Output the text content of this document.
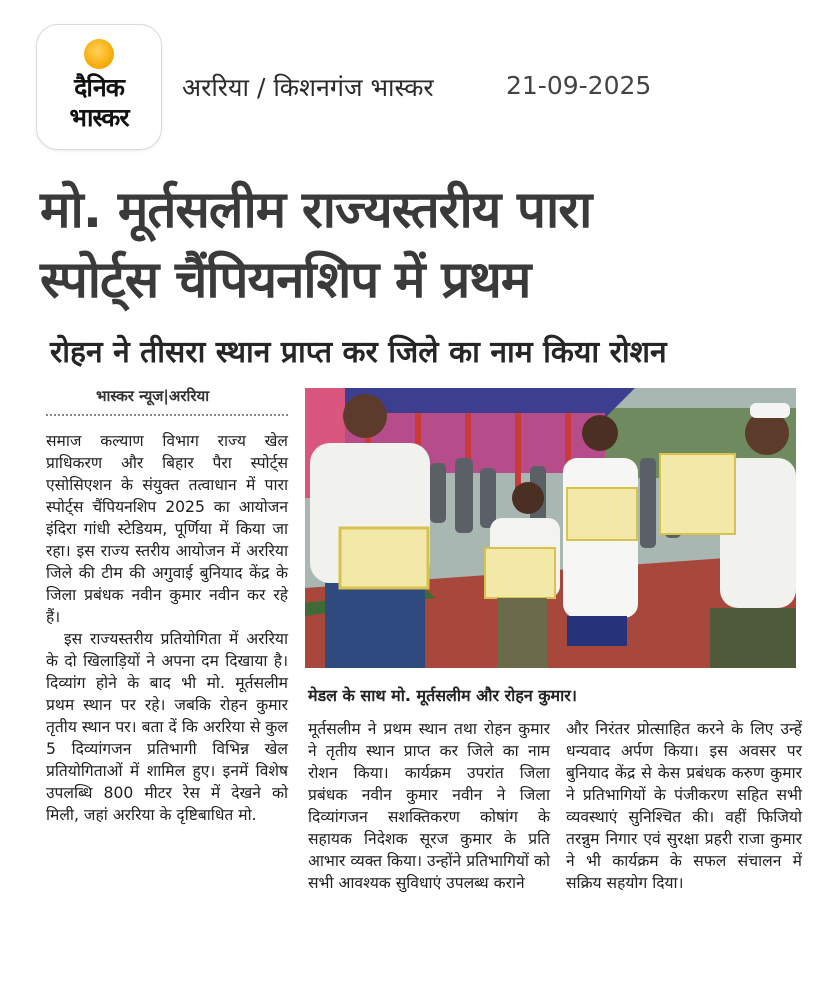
दैनिक
भास्कर
अररिया / किशनगंज भास्कर	21-09-2025
मो. मूर्तसलीम राज्यस्तरीय पारा
स्पोर्ट्स चैंपियनशिप में प्रथम
रोहन ने तीसरा स्थान प्राप्त कर जिले का नाम किया रोशन
भास्कर न्यूज|अररिया

समाज कल्याण विभाग राज्य खेल प्राधिकरण और बिहार पैरा स्पोर्ट्स एसोसिएशन के संयुक्त तत्वाधान में पारा स्पोर्ट्स चैंपियनशिप 2025 का आयोजन इंदिरा गांधी स्टेडियम, पूर्णिया में किया जा रहा। इस राज्य स्तरीय आयोजन में अररिया जिले की टीम की अगुवाई बुनियाद केंद्र के जिला प्रबंधक नवीन कुमार नवीन कर रहे हैं।

इस राज्यस्तरीय प्रतियोगिता में अररिया के दो खिलाड़ियों ने अपना दम दिखाया है। दिव्यांग होने के बाद भी मो. मूर्तसलीम प्रथम स्थान पर रहे। जबकि रोहन कुमार तृतीय स्थान पर। बता दें कि अररिया से कुल 5 दिव्यांगजन प्रतिभागी विभिन्न खेल प्रतियोगिताओं में शामिल हुए। इनमें विशेष उपलब्धि 800 मीटर रेस में देखने को मिली, जहां अररिया के दृष्टिबाधित मो.

मेडल के साथ मो. मूर्तसलीम और रोहन कुमार।

मूर्तसलीम ने प्रथम स्थान तथा रोहन कुमार ने तृतीय स्थान प्राप्त कर जिले का नाम रोशन किया। कार्यक्रम उपरांत जिला प्रबंधक नवीन कुमार नवीन ने जिला दिव्यांगजन सशक्तिकरण कोषांग के सहायक निदेशक सूरज कुमार के प्रति आभार व्यक्त किया। उन्होंने प्रतिभागियों को सभी आवश्यक सुविधाएं उपलब्ध कराने

और निरंतर प्रोत्साहित करने के लिए उन्हें धन्यवाद अर्पण किया। इस अवसर पर बुनियाद केंद्र से केस प्रबंधक करुण कुमार ने प्रतिभागियों के पंजीकरण सहित सभी व्यवस्थाएं सुनिश्चित की। वहीं फिजियो तरन्नुम निगार एवं सुरक्षा प्रहरी राजा कुमार ने भी कार्यक्रम के सफल संचालन में सक्रिय सहयोग दिया।
